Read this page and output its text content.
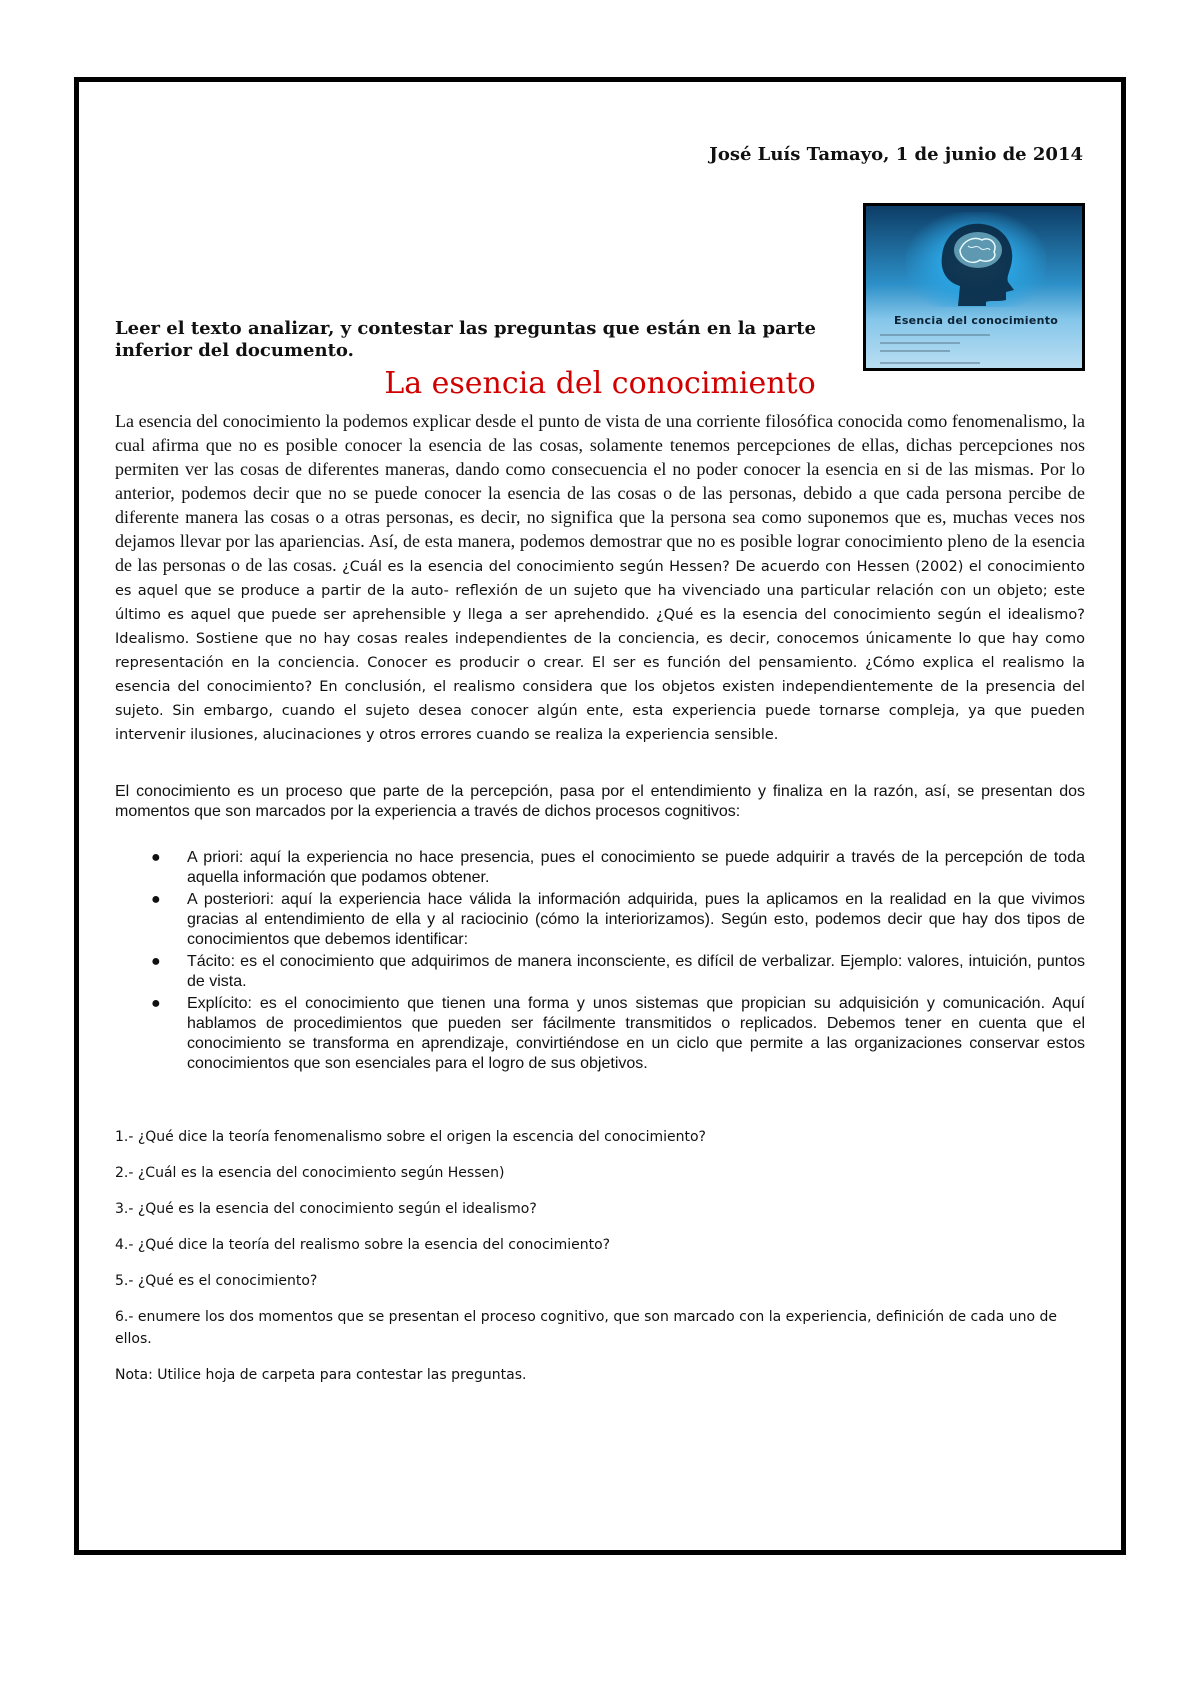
José Luís Tamayo, 1 de junio de 2014
Esencia del conocimiento
Leer el texto analizar, y contestar las preguntas que están en la parte inferior del documento.
La esencia del conocimiento
La esencia del conocimiento la podemos explicar desde el punto de vista de una corriente filosófica conocida como fenomenalismo, la cual afirma que no es posible conocer la esencia de las cosas, solamente tenemos percepciones de ellas, dichas percepciones nos permiten ver las cosas de diferentes maneras, dando como consecuencia el no poder conocer la esencia en si de las mismas. Por lo anterior, podemos decir que no se puede conocer la esencia de las cosas o de las personas, debido a que cada persona percibe de diferente manera las cosas o a otras personas, es decir, no significa que la persona sea como suponemos que es, muchas veces nos dejamos llevar por las apariencias. Así, de esta manera, podemos demostrar que no es posible lograr conocimiento pleno de la esencia de las personas o de las cosas. ¿Cuál es la esencia del conocimiento según Hessen? De acuerdo con Hessen (2002) el conocimiento es aquel que se produce a partir de la auto- reflexión de un sujeto que ha vivenciado una particular relación con un objeto; este último es aquel que puede ser aprehensible y llega a ser aprehendido. ¿Qué es la esencia del conocimiento según el idealismo? Idealismo. Sostiene que no hay cosas reales independientes de la conciencia, es decir, conocemos únicamente lo que hay como representación en la conciencia. Conocer es producir o crear. El ser es función del pensamiento. ¿Cómo explica el realismo la esencia del conocimiento? En conclusión, el realismo considera que los objetos existen independientemente de la presencia del sujeto. Sin embargo, cuando el sujeto desea conocer algún ente, esta experiencia puede tornarse compleja, ya que pueden intervenir ilusiones, alucinaciones y otros errores cuando se realiza la experiencia sensible.
El conocimiento es un proceso que parte de la percepción, pasa por el entendimiento y finaliza en la razón, así, se presentan dos momentos que son marcados por la experiencia a través de dichos procesos cognitivos:
● A priori: aquí la experiencia no hace presencia, pues el conocimiento se puede adquirir a través de la percepción de toda aquella información que podamos obtener.
● A posteriori: aquí la experiencia hace válida la información adquirida, pues la aplicamos en la realidad en la que vivimos gracias al entendimiento de ella y al raciocinio (cómo la interiorizamos). Según esto, podemos decir que hay dos tipos de conocimientos que debemos identificar:
● Tácito: es el conocimiento que adquirimos de manera inconsciente, es difícil de verbalizar. Ejemplo: valores, intuición, puntos de vista.
● Explícito: es el conocimiento que tienen una forma y unos sistemas que propician su adquisición y comunicación. Aquí hablamos de procedimientos que pueden ser fácilmente transmitidos o replicados. Debemos tener en cuenta que el conocimiento se transforma en aprendizaje, convirtiéndose en un ciclo que permite a las organizaciones conservar estos conocimientos que son esenciales para el logro de sus objetivos.

1.- ¿Qué dice la teoría fenomenalismo sobre el origen la escencia del conocimiento?

2.- ¿Cuál es la esencia del conocimiento según Hessen)

3.- ¿Qué es la esencia del conocimiento según el idealismo?

4.- ¿Qué dice la teoría del realismo sobre la esencia del conocimiento?

5.- ¿Qué es el conocimiento?

6.- enumere los dos momentos que se presentan el proceso cognitivo, que son marcado con la experiencia, definición de cada uno de ellos.

Nota: Utilice hoja de carpeta para contestar las preguntas.
